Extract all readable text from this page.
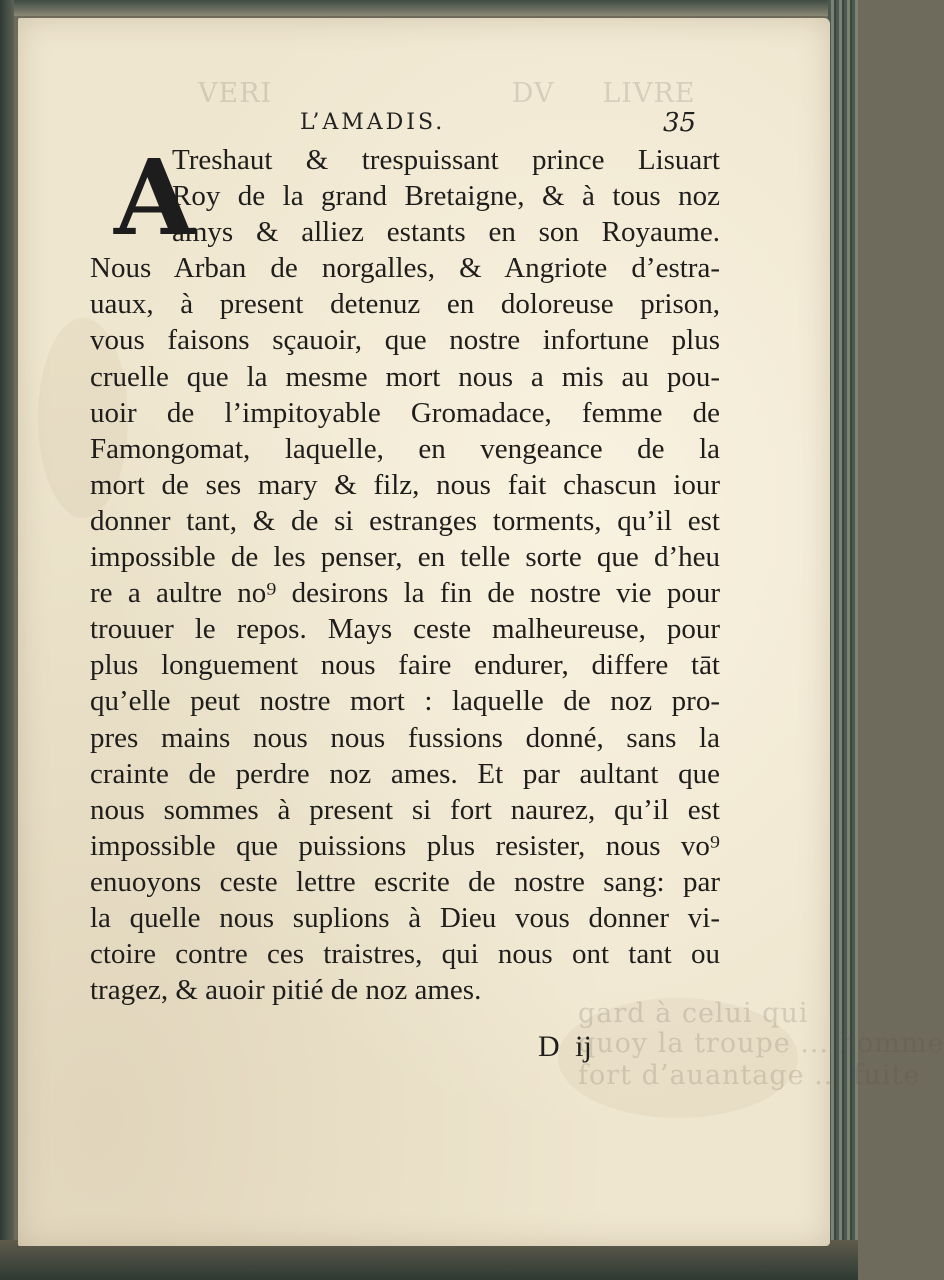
VERI                         DV     LIVRE
gard à celui qui
quoy la troupe ... homme
fort d’auantage ... fuite
L’AMADIS.	35
A
Treshaut & trespuissant prince Lisuart
Roy de la grand Bretaigne, & à tous noz
amys & alliez estants en son Royaume.
Nous Arban de norgalles, & Angriote d’estra-
uaux, à present detenuz en doloreuse prison,
vous faisons sçauoir, que nostre infortune plus
cruelle que la mesme mort nous a mis au pou-
uoir de l’impitoyable Gromadace, femme de
Famongomat, laquelle, en vengeance de la
mort de ses mary & filz, nous fait chascun iour
donner tant, & de si estranges torments, qu’il est
impossible de les penser, en telle sorte que d’heu
re a aultre no⁹ desirons la fin de nostre vie pour
trouuer le repos. Mays ceste malheureuse, pour
plus longuement nous faire endurer, differe tāt
qu’elle peut nostre mort : laquelle de noz pro-
pres mains nous nous fussions donné, sans la
crainte de perdre noz ames. Et par aultant que
nous sommes à present si fort naurez, qu’il est
impossible que puissions plus resister, nous vo⁹
enuoyons ceste lettre escrite de nostre sang: par
la quelle nous suplions à Dieu vous donner vi-
ctoire contre ces traistres, qui nous ont tant ou
tragez, & auoir pitié de noz ames.
D ij
